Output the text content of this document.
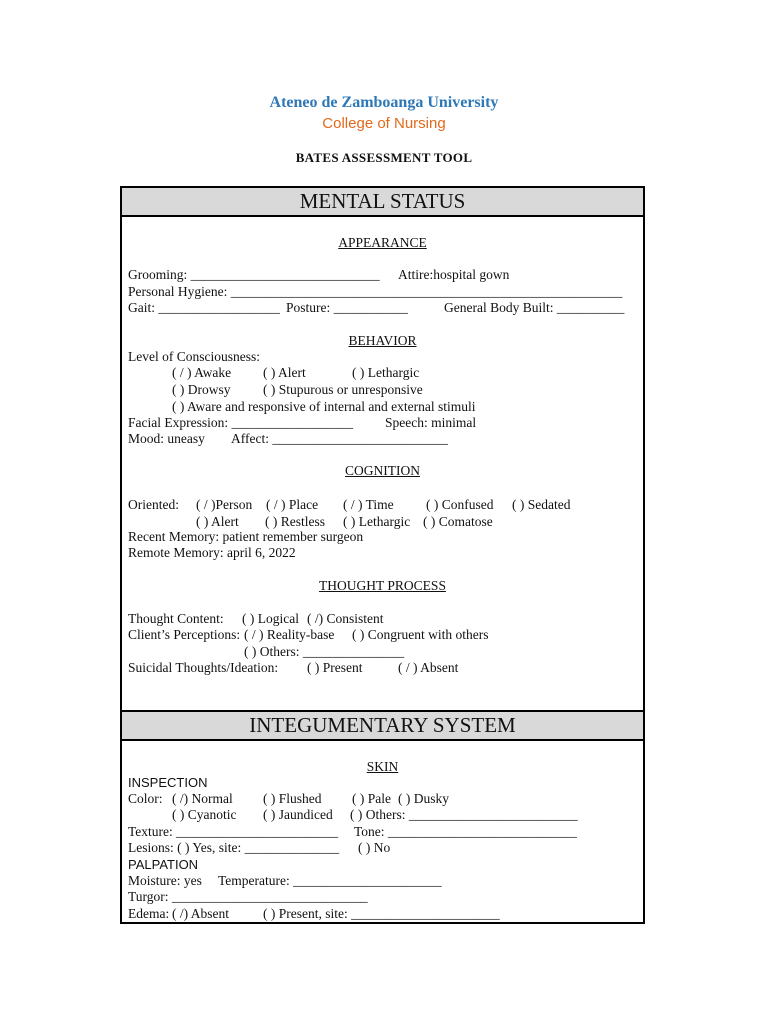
Ateneo de Zamboanga University
College of Nursing
BATES ASSESSMENT TOOL
MENTAL STATUS
APPEARANCE
Grooming: ____________________________ Attire:hospital gown
Personal Hygiene: __________________________________________________________
Gait: __________________ Posture: ___________	General Body Built: __________
BEHAVIOR
Level of Consciousness:
( / ) Awake ( ) Alert	( ) Lethargic
( ) Drowsy ( ) Stupurous or unresponsive
( ) Aware and responsive of internal and external stimuli
Facial Expression: __________________ Speech: minimal
Mood: uneasy Affect: __________________________
COGNITION
Oriented: ( / )Person ( / ) Place ( / ) Time ( ) Confused ( ) Sedated
( ) Alert ( ) Restless ( ) Lethargic ( ) Comatose
Recent Memory: patient remember surgeon
Remote Memory: april 6, 2022
THOUGHT PROCESS
Thought Content: ( ) Logical ( /) Consistent
Client’s Perceptions: ( / ) Reality-base ( ) Congruent with others
( ) Others: _______________
Suicidal Thoughts/Ideation: ( ) Present	( / ) Absent
INTEGUMENTARY SYSTEM
SKIN
INSPECTION
Color: ( /) Normal ( ) Flushed ( ) Pale ( ) Dusky
( ) Cyanotic ( ) Jaundiced ( ) Others: _________________________
Texture: ________________________ Tone: ____________________________
Lesions: ( ) Yes, site: ______________ ( ) No
PALPATION
Moisture: yes Temperature: ______________________
Turgor: _____________________________
Edema: ( /) Absent	( ) Present, site: ______________________
